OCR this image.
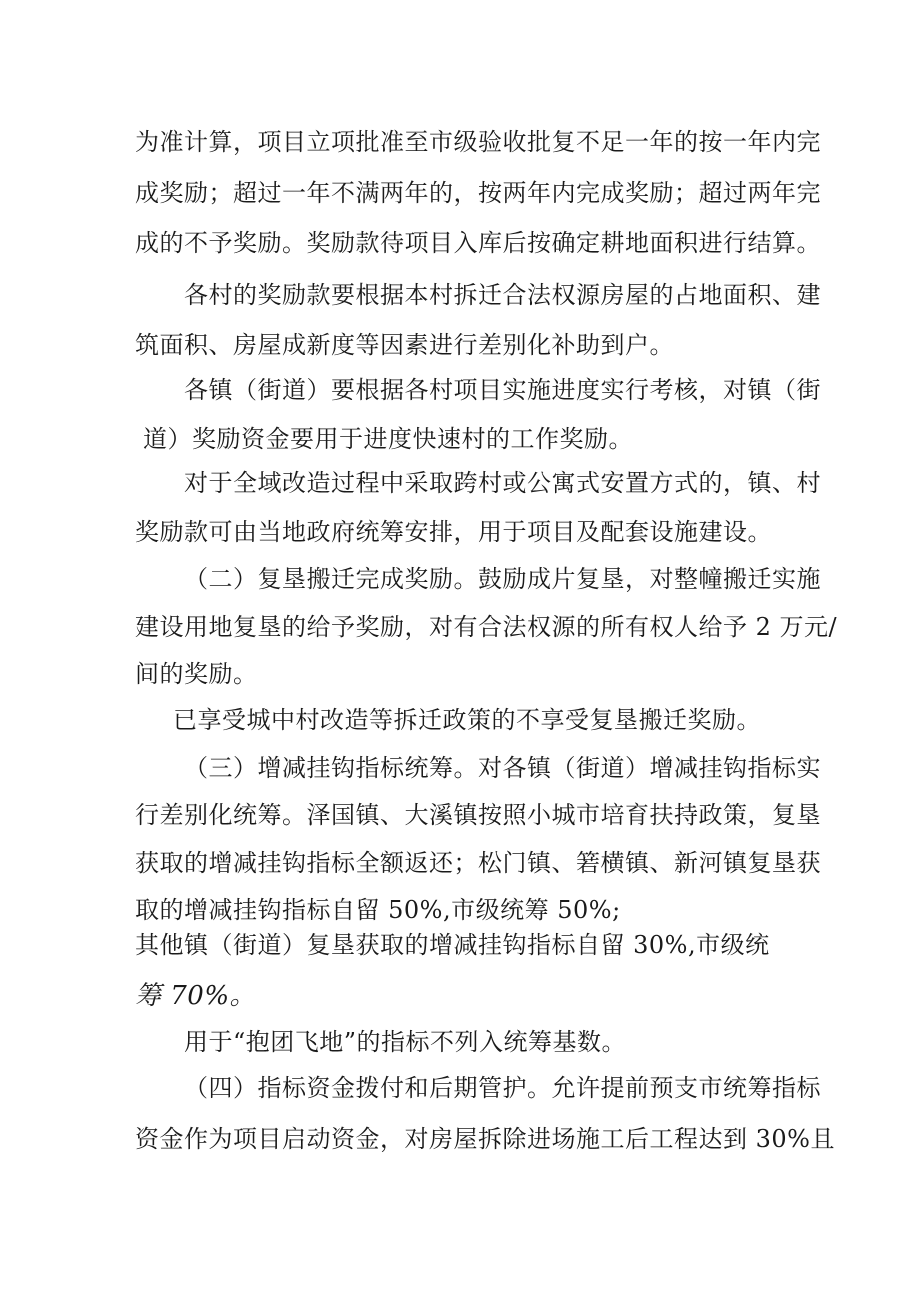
为准计算，项目立项批准至市级验收批复不足一年的按一年内完
成奖励；超过一年不满两年的，按两年内完成奖励；超过两年完
成的不予奖励。奖励款待项目入库后按确定耕地面积进行结算。
各村的奖励款要根据本村拆迁合法权源房屋的占地面积、建
筑面积、房屋成新度等因素进行差别化补助到户。
各镇（街道）要根据各村项目实施进度实行考核，对镇（街
道）奖励资金要用于进度快速村的工作奖励。
对于全域改造过程中采取跨村或公寓式安置方式的，镇、村
奖励款可由当地政府统筹安排，用于项目及配套设施建设。
（二）复垦搬迁完成奖励。鼓励成片复垦，对整幢搬迁实施
建设用地复垦的给予奖励，对有合法权源的所有权人给予 2 万元/
间的奖励。
已享受城中村改造等拆迁政策的不享受复垦搬迁奖励。
（三）增减挂钩指标统筹。对各镇（街道）增减挂钩指标实
行差别化统筹。泽国镇、大溪镇按照小城市培育扶持政策，复垦
获取的增减挂钩指标全额返还；松门镇、箬横镇、新河镇复垦获
取的增减挂钩指标自留 50%,市级统筹 50%;
其他镇（街道）复垦获取的增减挂钩指标自留 30%,市级统
筹 70%。
用于“抱团飞地”的指标不列入统筹基数。
（四）指标资金拨付和后期管护。允许提前预支市统筹指标
资金作为项目启动资金，对房屋拆除进场施工后工程达到 30%且
